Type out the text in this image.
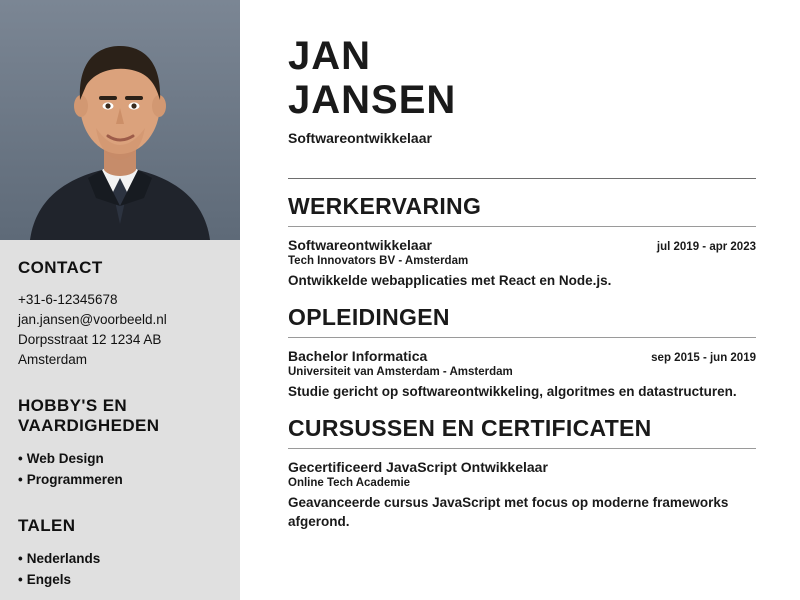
CONTACT
+31-6-12345678
jan.jansen@voorbeeld.nl
Dorpsstraat 12 1234 AB
Amsterdam
HOBBY'S EN
VAARDIGHEDEN
• Web Design
• Programmeren
TALEN
• Nederlands
• Engels
JAN
JANSEN
Softwareontwikkelaar
WERKERVARING
Softwareontwikkelaar	jul 2019 - apr 2023
Tech Innovators BV - Amsterdam
Ontwikkelde webapplicaties met React en Node.js.
OPLEIDINGEN
Bachelor Informatica	sep 2015 - jun 2019
Universiteit van Amsterdam - Amsterdam
Studie gericht op softwareontwikkeling, algoritmes en datastructuren.
CURSUSSEN EN CERTIFICATEN
Gecertificeerd JavaScript Ontwikkelaar
Online Tech Academie
Geavanceerde cursus JavaScript met focus op moderne frameworks afgerond.
